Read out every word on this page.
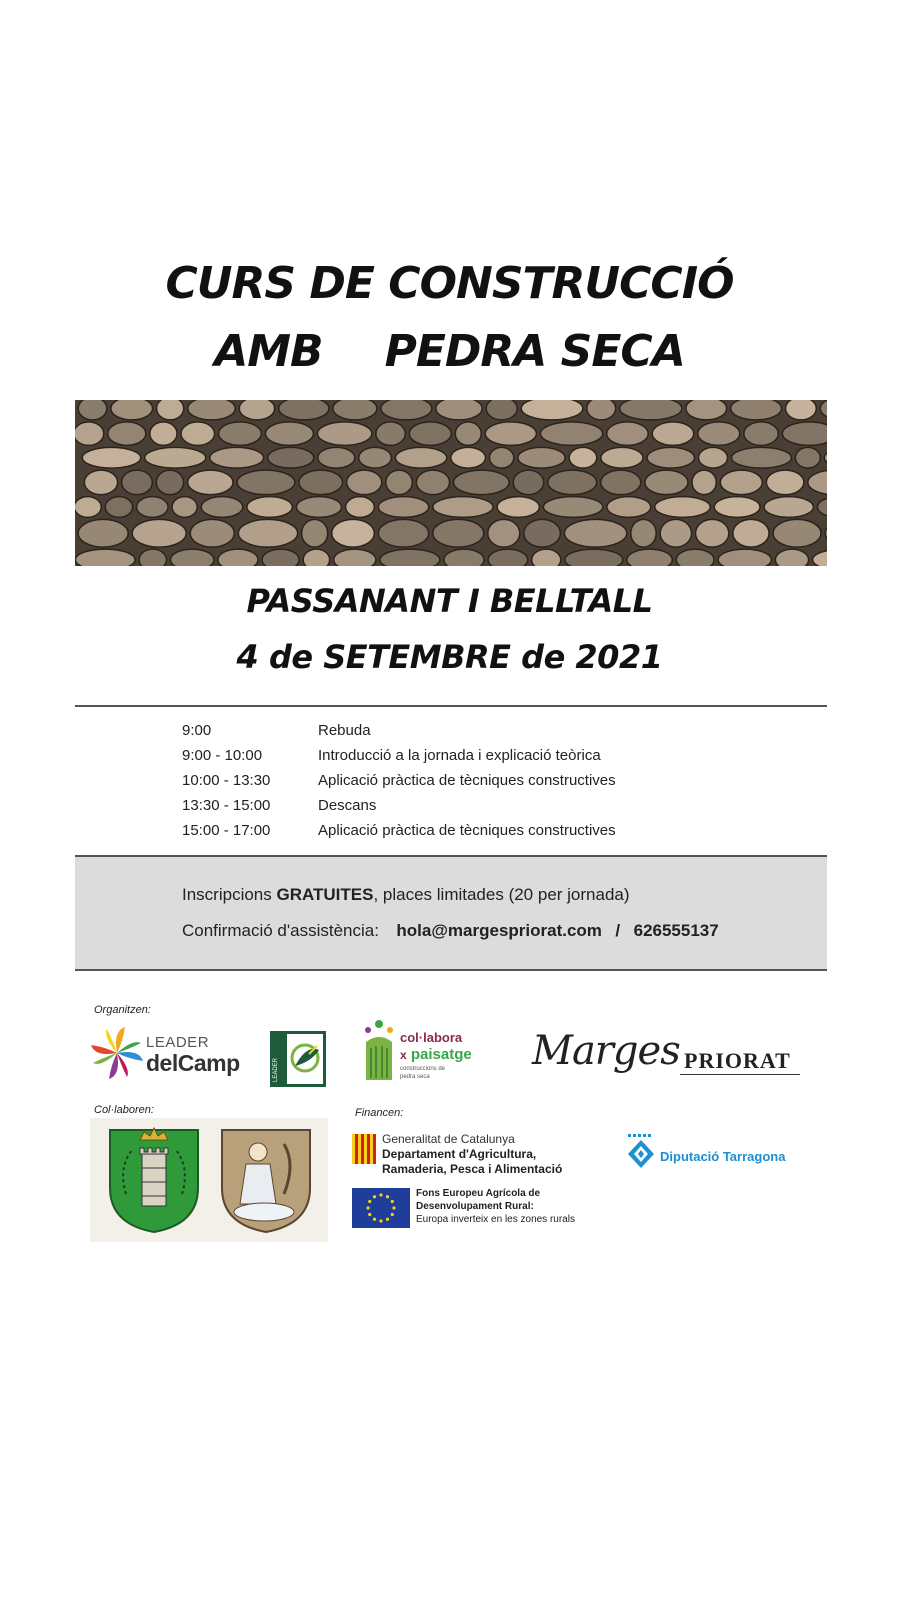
CURS DE CONSTRUCCIÓ
AMB PEDRA SECA
PASSANANT I BELLTALL
4 de SETEMBRE de 2021
9:00	Rebuda
9:00 - 10:00	Introducció a la jornada i explicació teòrica
10:00 - 13:30	Aplicació pràctica de tècniques constructives
13:30 - 15:00	Descans
15:00 - 17:00	Aplicació pràctica de tècniques constructives
Inscripcions GRATUITES, places limitades (20 per jornada)
Confirmació d'assistència: hola@margespriorat.com / 626555137
Organitzen:
LEADER
delCamp	LEADER
col·labora
x paisatge
construccions de
pedra seca
Marges PRIORAT
Col·laboren:	Financen:
Generalitat de Catalunya
Departament d'Agricultura,
Ramaderia, Pesca i Alimentació
Fons Europeu Agrícola de
Desenvolupament Rural:
Europa inverteix en les zones rurals
Diputació Tarragona
